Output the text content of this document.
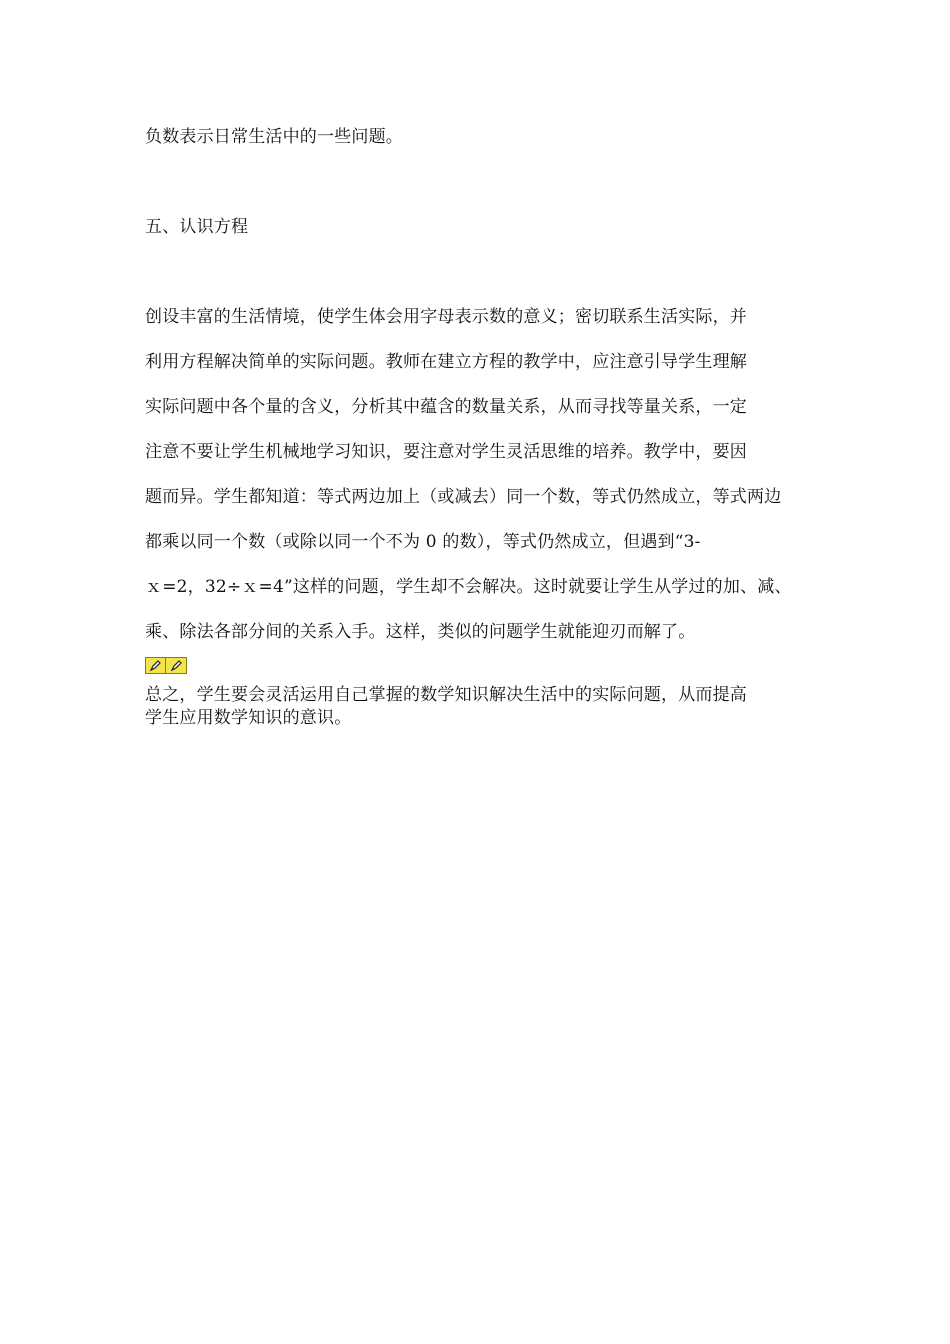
负数表示日常生活中的一些问题。

五、认识方程

创设丰富的生活情境，使学生体会用字母表示数的意义；密切联系生活实际，并

利用方程解决简单的实际问题。教师在建立方程的教学中，应注意引导学生理解

实际问题中各个量的含义，分析其中蕴含的数量关系，从而寻找等量关系，一定

注意不要让学生机械地学习知识，要注意对学生灵活思维的培养。教学中，要因

题而异。学生都知道：等式两边加上（或减去）同一个数，等式仍然成立，等式两边

都乘以同一个数（或除以同一个不为 0 的数），等式仍然成立，但遇到“3-

ｘ=2，32÷ｘ=4”这样的问题，学生却不会解决。这时就要让学生从学过的加、减、

乘、除法各部分间的关系入手。这样，类似的问题学生就能迎刃而解了。

总之，学生要会灵活运用自己掌握的数学知识解决生活中的实际问题，从而提高

学生应用数学知识的意识。
